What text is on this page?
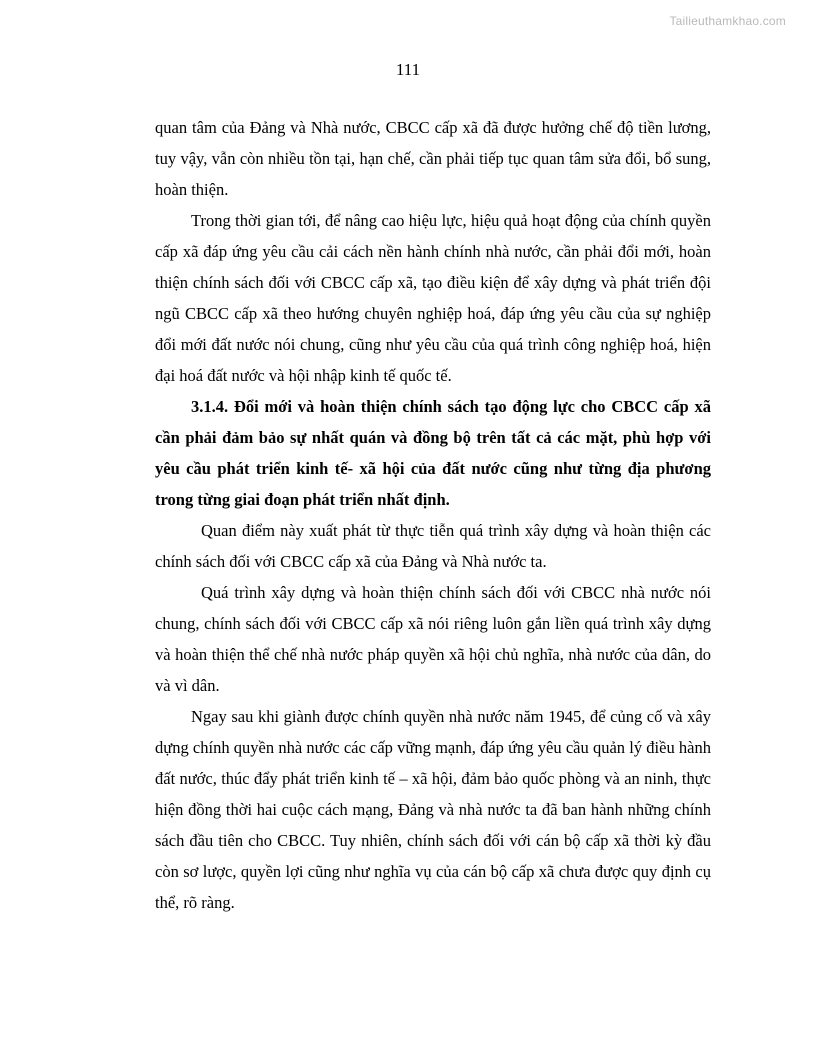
Tailieuthamkhao.com
111

quan tâm của Đảng và Nhà nước, CBCC cấp xã đã được hưởng chế độ tiền lương, tuy vậy, vẫn còn nhiều tồn tại, hạn chế, cần phải tiếp tục quan tâm sửa đổi, bổ sung, hoàn thiện.

Trong thời gian tới, để nâng cao hiệu lực, hiệu quả hoạt động của chính quyền cấp xã đáp ứng yêu cầu cải cách nền hành chính nhà nước, cần phải đổi mới, hoàn thiện chính sách đối với CBCC cấp xã, tạo điều kiện để xây dựng và phát triển đội ngũ CBCC cấp xã theo hướng chuyên nghiệp hoá, đáp ứng yêu cầu của sự nghiệp đổi mới đất nước nói chung, cũng như yêu cầu của quá trình công nghiệp hoá, hiện đại hoá đất nước và hội nhập kinh tế quốc tế.

3.1.4. Đổi mới và hoàn thiện chính sách tạo động lực cho CBCC cấp xã cần phải đảm bảo sự nhất quán và đồng bộ trên tất cả các mặt, phù hợp với yêu cầu phát triển kinh tế- xã hội của đất nước cũng như từng địa phương trong từng giai đoạn phát triển nhất định.

Quan điểm này xuất phát từ thực tiễn quá trình xây dựng và hoàn thiện các chính sách đối với CBCC cấp xã của Đảng và Nhà nước ta.

Quá trình xây dựng và hoàn thiện chính sách đối với CBCC nhà nước nói chung, chính sách đối với CBCC cấp xã nói riêng luôn gắn liền quá trình xây dựng và hoàn thiện thể chế nhà nước pháp quyền xã hội chủ nghĩa, nhà nước của dân, do và vì dân.

Ngay sau khi giành được chính quyền nhà nước năm 1945, để củng cố và xây dựng chính quyền nhà nước các cấp vững mạnh, đáp ứng yêu cầu quản lý điều hành đất nước, thúc đẩy phát triển kinh tế – xã hội, đảm bảo quốc phòng và an ninh, thực hiện đồng thời hai cuộc cách mạng, Đảng và nhà nước ta đã ban hành những chính sách đầu tiên cho CBCC. Tuy nhiên, chính sách đối với cán bộ cấp xã thời kỳ đầu còn sơ lược, quyền lợi cũng như nghĩa vụ của cán bộ cấp xã chưa được quy định cụ thể, rõ ràng.
